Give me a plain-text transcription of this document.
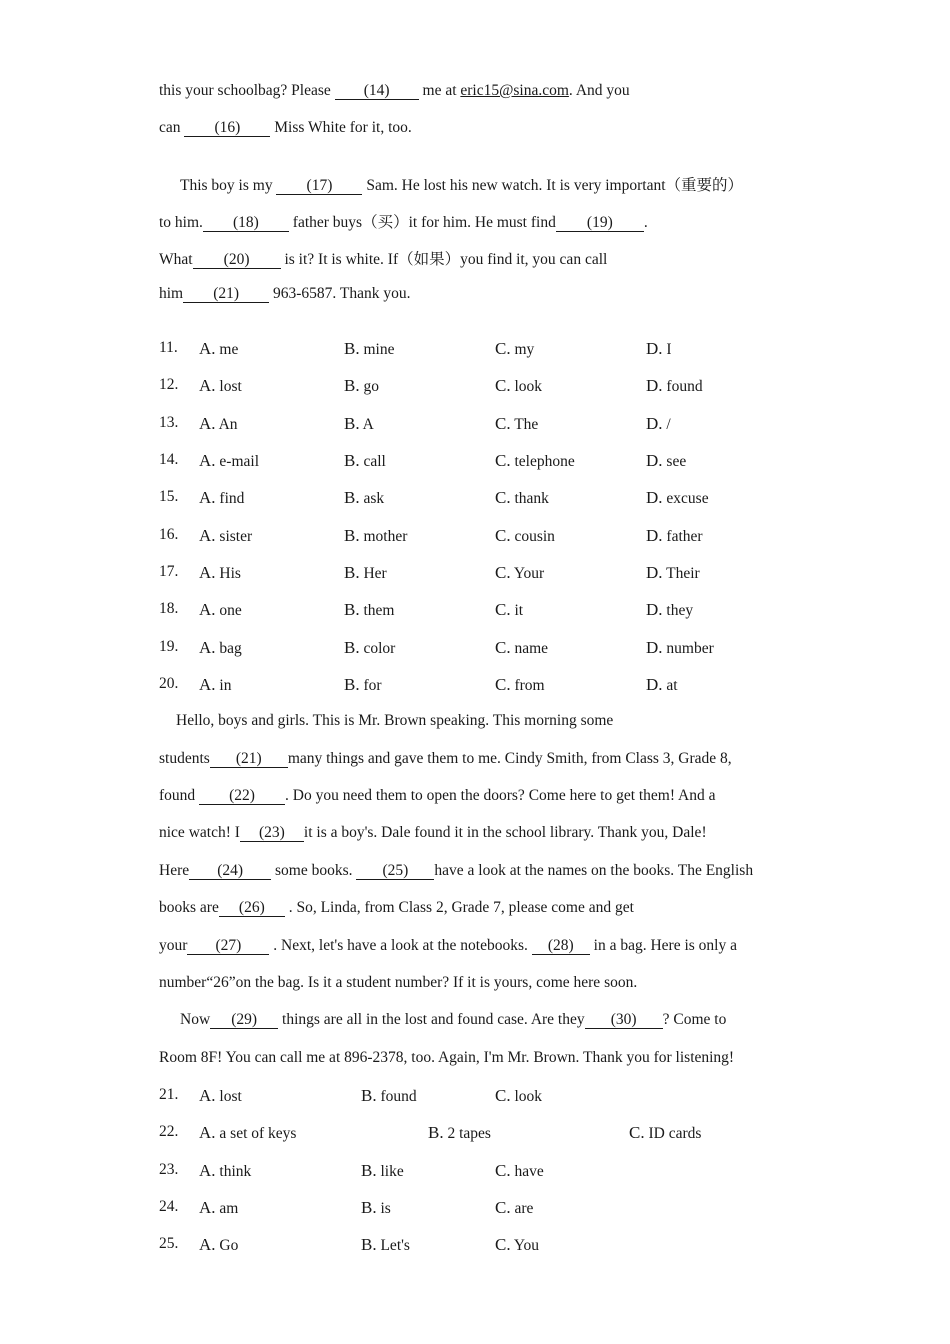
this your schoolbag? Please (14) me at eric15@sina.com. And you
can (16) Miss White for it, too.
This boy is my (17) Sam. He lost his new watch. It is very important（重要的）
to him. (18) father buys（买）it for him. He must find (19) .
What (20) is it? It is white. If（如果）you find it, you can call
him (21) 963-6587. Thank you.
11. A. me	B. mine	C. my	D. I
12. A. lost	B. go	C. look	D. found
13. A. An	B. A	C. The	D. /
14. A. e-mail	B. call	C. telephone	D. see
15. A. find	B. ask	C. thank	D. excuse
16. A. sister	B. mother	C. cousin	D. father
17. A. His	B. Her	C. Your	D. Their
18. A. one	B. them	C. it	D. they
19. A. bag	B. color	C. name	D. number
20. A. in	B. for	C. from	D. at
Hello, boys and girls. This is Mr. Brown speaking. This morning some
students (21) many things and gave them to me. Cindy Smith, from Class 3, Grade 8,
found (22) . Do you need them to open the doors? Come here to get them! And a
nice watch! I (23) it is a boy's. Dale found it in the school library. Thank you, Dale!
Here (24) some books. (25) have a look at the names on the books. The English
books are (26) . So, Linda, from Class 2, Grade 7, please come and get
your (27) . Next, let's have a look at the notebooks. (28) in a bag. Here is only a
number“26”on the bag. Is it a student number? If it is yours, come here soon.
Now (29) things are all in the lost and found case. Are they (30) ? Come to
Room 8F! You can call me at 896-2378, too. Again, I'm Mr. Brown. Thank you for listening!
21. A. lost	B. found	C. look
22. A. a set of keys	B. 2 tapes	C. ID cards
23. A. think	B. like	C. have
24. A. am	B. is	C. are
25. A. Go	B. Let's	C. You
